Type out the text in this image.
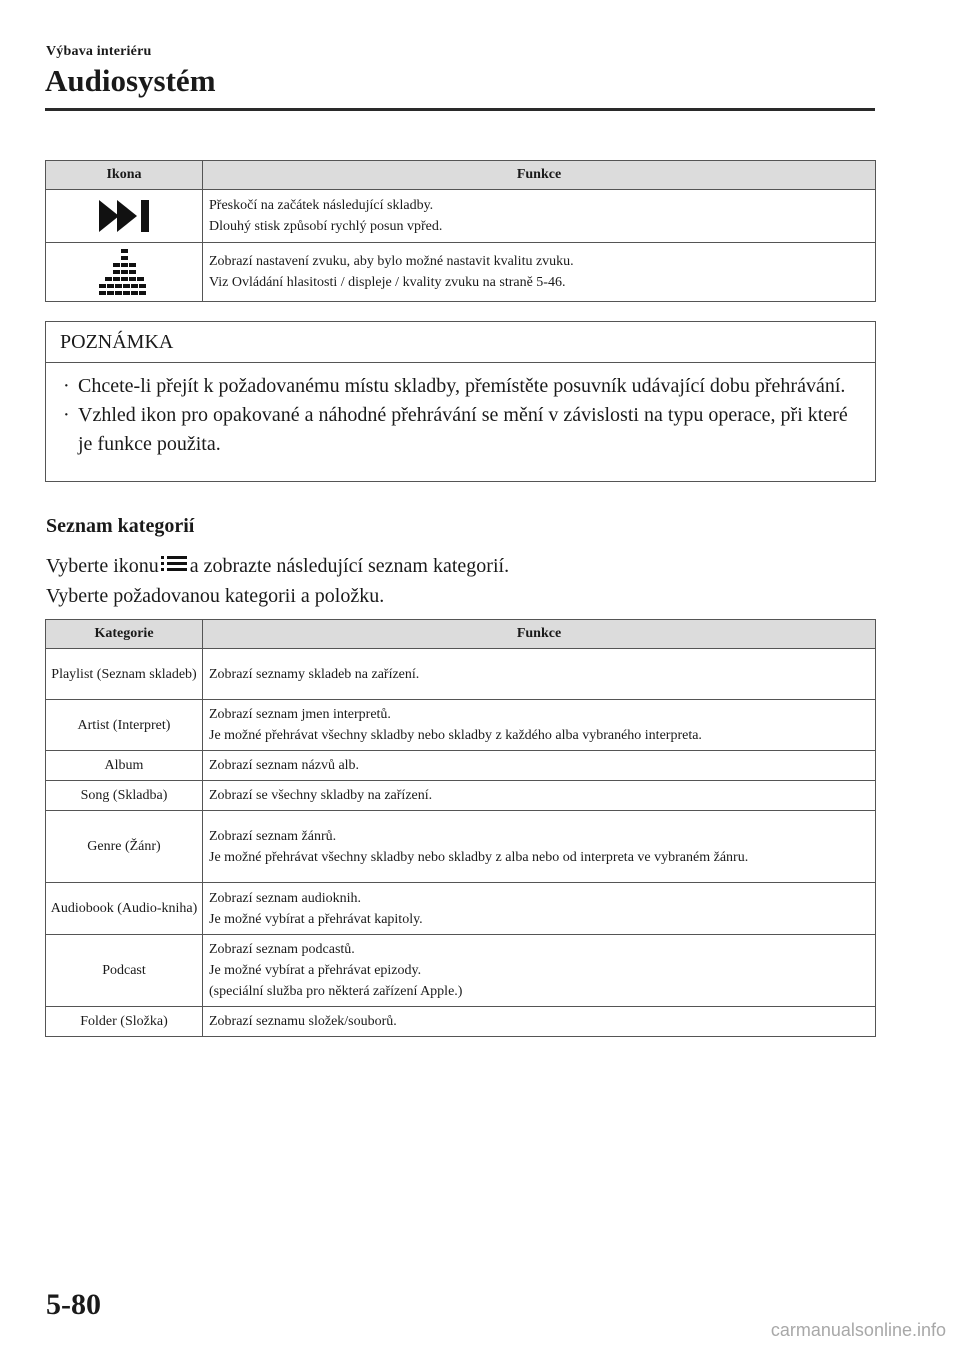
Výbava interiéru
Audiosystém
Ikona	Funkce

Přeskočí na začátek následující skladby.
Dlouhý stisk způsobí rychlý posun vpřed.

Zobrazí nastavení zvuku, aby bylo možné nastavit kvalitu zvuku.
Viz Ovládání hlasitosti / displeje / kvality zvuku na straně 5-46.
POZNÁMKA
· Chcete-li přejít k požadovanému místu skladby, přemístěte posuvník udávající dobu přehrávání.
· Vzhled ikon pro opakované a náhodné přehrávání se mění v závislosti na typu operace, při které je funkce použita.
Seznam kategorií
Vyberte ikonu a zobrazte následující seznam kategorií.
Vyberte požadovanou kategorii a položku.
Kategorie	Funkce
Playlist (Seznam skladeb)	Zobrazí seznamy skladeb na zařízení.

Artist (Interpret)	Zobrazí seznam jmen interpretů.
Je možné přehrávat všechny skladby nebo skladby z každého alba vybraného interpreta.

Album	Zobrazí seznam názvů alb.

Song (Skladba)	Zobrazí se všechny skladby na zařízení.

Genre (Žánr)	Zobrazí seznam žánrů.
Je možné přehrávat všechny skladby nebo skladby z alba nebo od interpreta ve vybraném žánru.

Audiobook (Audio-kniha)	Zobrazí seznam audioknih.
Je možné vybírat a přehrávat kapitoly.

Podcast	Zobrazí seznam podcastů.
Je možné vybírat a přehrávat epizody.
(speciální služba pro některá zařízení Apple.)

Folder (Složka)	Zobrazí seznamu složek/souborů.
5-80
carmanualsonline.info
